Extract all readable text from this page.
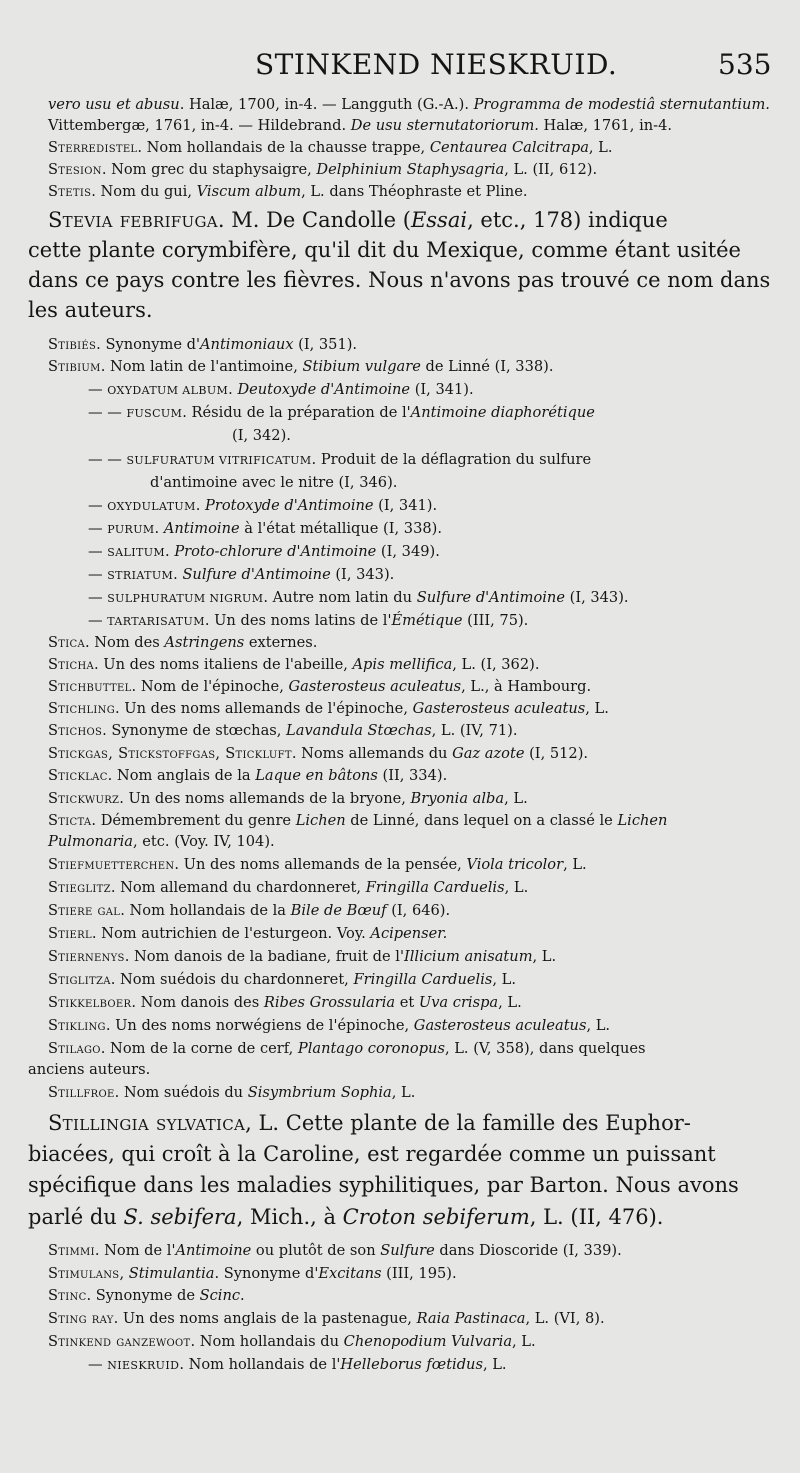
STINKEND NIESKRUID.	535
vero usu et abusu. Halæ, 1700, in-4. — Langguth (G.-A.). Programma de modestiâ sternutantium.
Vittembergæ, 1761, in-4. — Hildebrand. De usu sternutatoriorum. Halæ, 1761, in-4.
Sterredistel. Nom hollandais de la chausse trappe, Centaurea Calcitrapa, L.
Stesion. Nom grec du staphysaigre, Delphinium Staphysagria, L. (II, 612).
Stetis. Nom du gui, Viscum album, L. dans Théophraste et Pline.
Stevia febrifuga. M. De Candolle (Essai, etc., 178) indique
cette plante corymbifère, qu'il dit du Mexique, comme étant usitée
dans ce pays contre les fièvres. Nous n'avons pas trouvé ce nom dans
les auteurs.
Stibiés. Synonyme d'Antimoniaux (I, 351).
Stibium. Nom latin de l'antimoine, Stibium vulgare de Linné (I, 338).
— OXYDATUM ALBUM. Deutoxyde d'Antimoine (I, 341).
— — FUSCUM. Résidu de la préparation de l'Antimoine diaphorétique
(I, 342).
— — SULFURATUM VITRIFICATUM. Produit de la déflagration du sulfure
d'antimoine avec le nitre (I, 346).
— OXYDULATUM. Protoxyde d'Antimoine (I, 341).
— PURUM. Antimoine à l'état métallique (I, 338).
— SALITUM. Proto-chlorure d'Antimoine (I, 349).
— STRIATUM. Sulfure d'Antimoine (I, 343).
— SULPHURATUM NIGRUM. Autre nom latin du Sulfure d'Antimoine (I, 343).
— TARTARISATUM. Un des noms latins de l'Émétique (III, 75).
Stica. Nom des Astringens externes.
Sticha. Un des noms italiens de l'abeille, Apis mellifica, L. (I, 362).
Stichbuttel. Nom de l'épinoche, Gasterosteus aculeatus, L., à Hambourg.
Stichling. Un des noms allemands de l'épinoche, Gasterosteus aculeatus, L.
Stichos. Synonyme de stœchas, Lavandula Stœchas, L. (IV, 71).
Stickgas, Stickstoffgas, Stickluft. Noms allemands du Gaz azote (I, 512).
Sticklac. Nom anglais de la Laque en bâtons (II, 334).
Stickwurz. Un des noms allemands de la bryone, Bryonia alba, L.
Sticta. Démembrement du genre Lichen de Linné, dans lequel on a classé le Lichen
Pulmonaria, etc. (Voy. IV, 104).
Stiefmuetterchen. Un des noms allemands de la pensée, Viola tricolor, L.
Stieglitz. Nom allemand du chardonneret, Fringilla Carduelis, L.
Stiere gal. Nom hollandais de la Bile de Bœuf (I, 646).
Stierl. Nom autrichien de l'esturgeon. Voy. Acipenser.
Stiernenys. Nom danois de la badiane, fruit de l'Illicium anisatum, L.
Stiglitza. Nom suédois du chardonneret, Fringilla Carduelis, L.
Stikkelboer. Nom danois des Ribes Grossularia et Uva crispa, L.
Stikling. Un des noms norwégiens de l'épinoche, Gasterosteus aculeatus, L.
Stilago. Nom de la corne de cerf, Plantago coronopus, L. (V, 358), dans quelques
anciens auteurs.
Stillfroe. Nom suédois du Sisymbrium Sophia, L.
Stillingia sylvatica, L. Cette plante de la famille des Euphor-
biacées, qui croît à la Caroline, est regardée comme un puissant
spécifique dans les maladies syphilitiques, par Barton. Nous avons
parlé du S. sebifera, Mich., à Croton sebiferum, L. (II, 476).
Stimmi. Nom de l'Antimoine ou plutôt de son Sulfure dans Dioscoride (I, 339).
Stimulans, Stimulantia. Synonyme d'Excitans (III, 195).
Stinc. Synonyme de Scinc.
Sting ray. Un des noms anglais de la pastenague, Raia Pastinaca, L. (VI, 8).
Stinkend ganzewoot. Nom hollandais du Chenopodium Vulvaria, L.
— NIESKRUID. Nom hollandais de l'Helleborus fœtidus, L.
